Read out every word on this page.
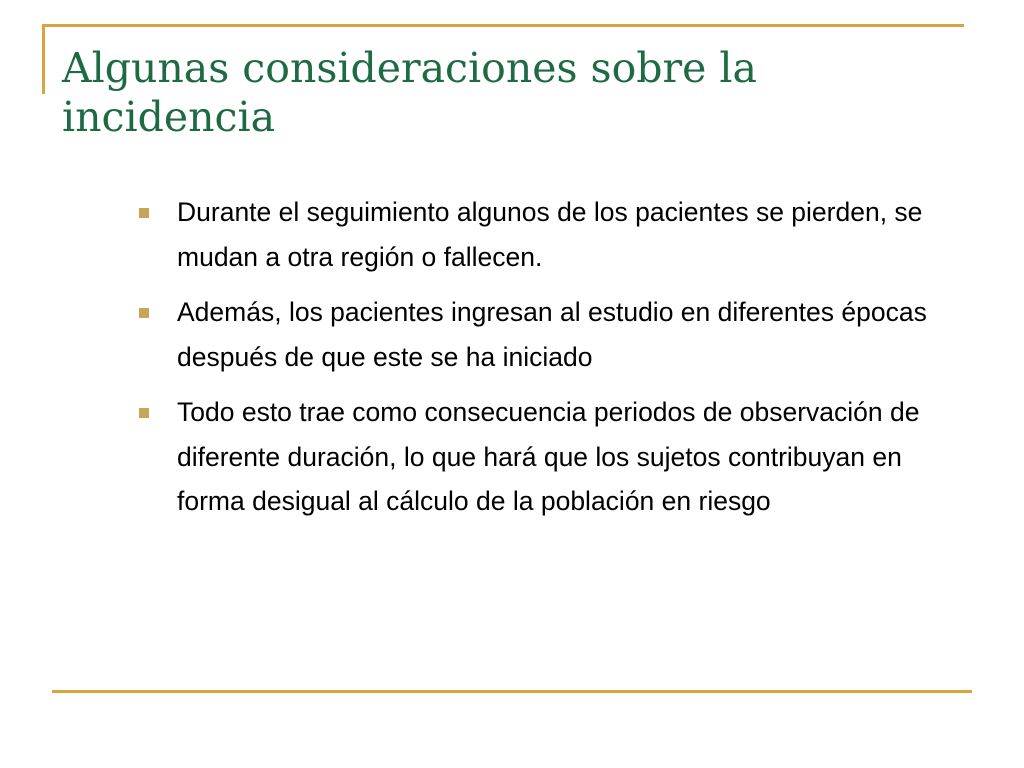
Algunas consideraciones sobre la incidencia
Durante el seguimiento algunos de los pacientes se pierden, se mudan a otra región o fallecen.
Además, los pacientes ingresan al estudio en diferentes épocas después de que este se ha iniciado
Todo esto trae como consecuencia periodos de observación de diferente duración, lo que hará que los sujetos contribuyan en forma desigual al cálculo de la población en riesgo
